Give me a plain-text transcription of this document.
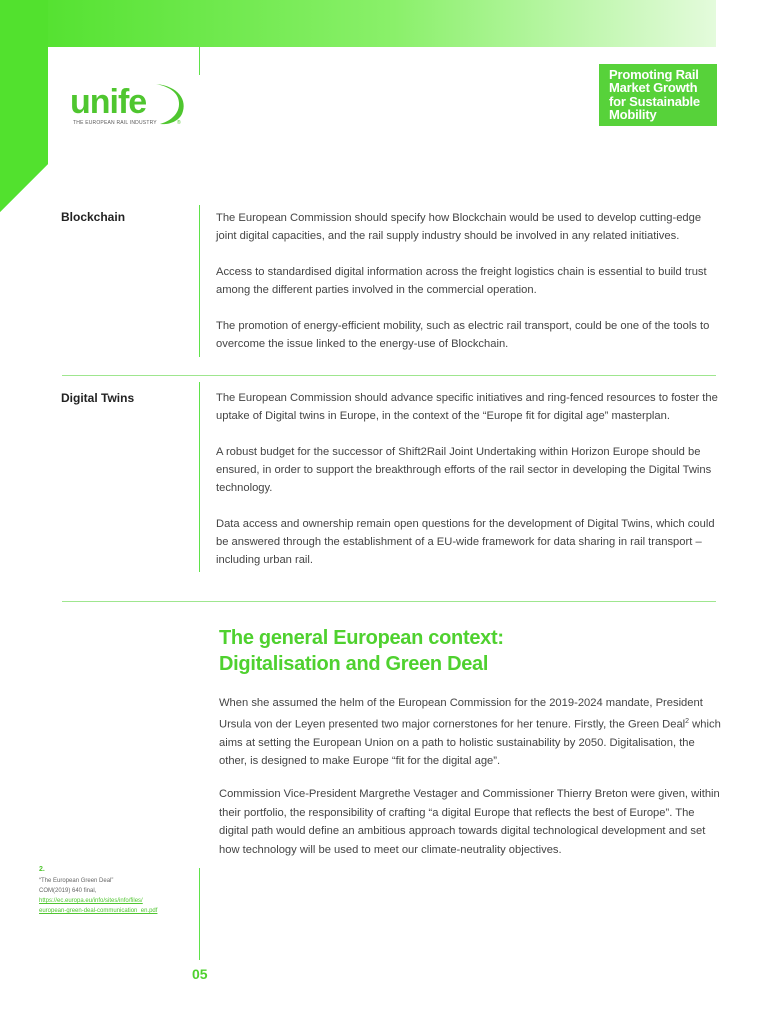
unife
THE EUROPEAN RAIL INDUSTRY	®
Promoting Rail
Market Growth
for Sustainable
Mobility
Blockchain	The European Commission should specify how Blockchain would be used to develop cutting-edge joint digital capacities, and the rail supply industry should be involved in any related initiatives.

Access to standardised digital information across the freight logistics chain is essential to build trust among the different parties involved in the commercial operation.

The promotion of energy-efficient mobility, such as electric rail transport, could be one of the tools to overcome the issue linked to the energy-use of Blockchain.

Digital Twins	The European Commission should advance specific initiatives and ring-fenced resources to foster the uptake of Digital twins in Europe, in the context of the “Europe fit for digital age” masterplan.

A robust budget for the successor of Shift2Rail Joint Undertaking within Horizon Europe should be ensured, in order to support the breakthrough efforts of the rail sector in developing the Digital Twins technology.

Data access and ownership remain open questions for the development of Digital Twins, which could be answered through the establishment of a EU-wide framework for data sharing in rail transport – including urban rail.

The general European context:
Digitalisation and Green Deal
When she assumed the helm of the European Commission for the 2019-2024 mandate, President Ursula von der Leyen presented two major cornerstones for her tenure. Firstly, the Green Deal$^2$ which aims at setting the European Union on a path to holistic sustainability by 2050. Digitalisation, the other, is designed to make Europe “fit for the digital age”.
Commission Vice-President Margrethe Vestager and Commissioner Thierry Breton were given, within their portfolio, the responsibility of crafting “a digital Europe that reflects the best of Europe”. The digital path would define an ambitious approach towards digital technological development and set how technology will be used to meet our climate-neutrality objectives.
2.
“The European Green Deal”
COM(2019) 640 final,
https://ec.europa.eu/info/sites/info/files/
european-green-deal-communication_en.pdf
05
